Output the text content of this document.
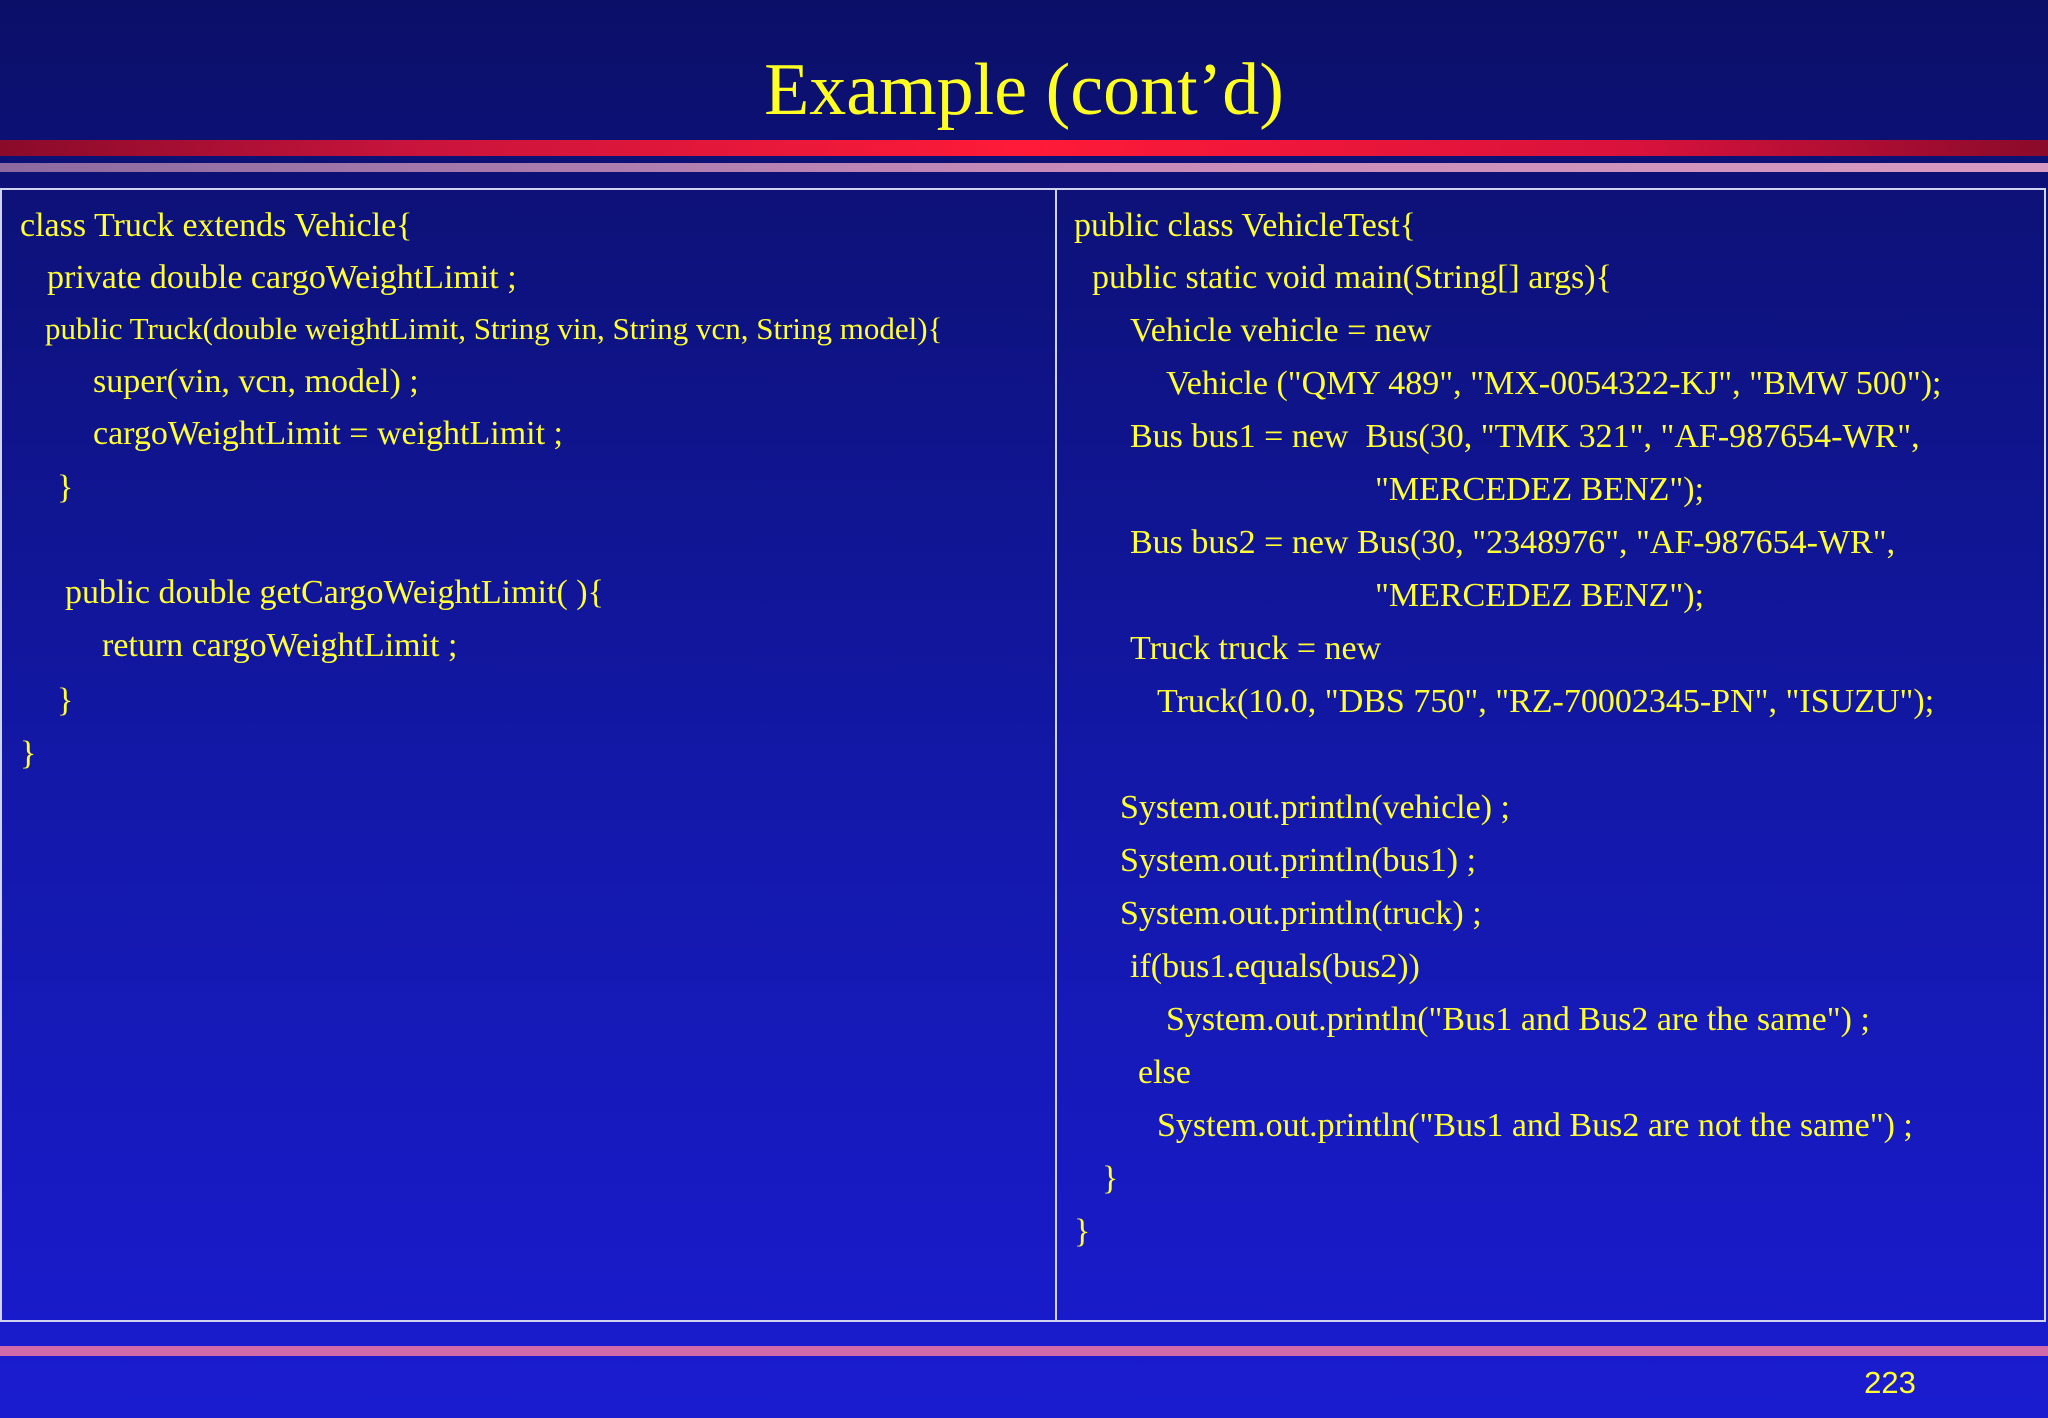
Example (cont’d)
class Truck extends Vehicle{
private double cargoWeightLimit ;
public Truck(double weightLimit, String vin, String vcn, String model){
super(vin, vcn, model) ;
cargoWeightLimit = weightLimit ;
}
public double getCargoWeightLimit( ){
return cargoWeightLimit ;
}
}
public class VehicleTest{
public static void main(String[] args){
Vehicle vehicle = new
Vehicle ("QMY 489", "MX-0054322-KJ", "BMW 500");
Bus bus1 = new  Bus(30, "TMK 321", "AF-987654-WR",
"MERCEDEZ BENZ");
Bus bus2 = new Bus(30, "2348976", "AF-987654-WR",
"MERCEDEZ BENZ");
Truck truck = new
Truck(10.0, "DBS 750", "RZ-70002345-PN", "ISUZU");
System.out.println(vehicle) ;
System.out.println(bus1) ;
System.out.println(truck) ;
if(bus1.equals(bus2))
System.out.println("Bus1 and Bus2 are the same") ;
else
System.out.println("Bus1 and Bus2 are not the same") ;
}
}
223
